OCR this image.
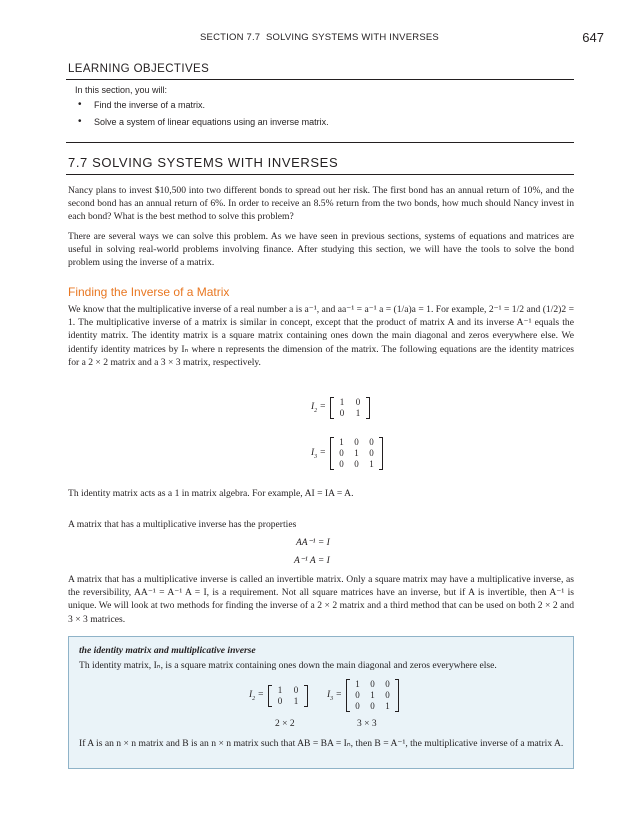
SECTION 7.7 SOLVING SYSTEMS WITH INVERSES	647
LEARNING OBJECTIVES
In this section, you will:
• Find the inverse of a matrix.
• Solve a system of linear equations using an inverse matrix.
7.7 SOLVING SYSTEMS WITH INVERSES
Nancy plans to invest $10,500 into two different bonds to spread out her risk. The first bond has an annual return of 10%, and the second bond has an annual return of 6%. In order to receive an 8.5% return from the two bonds, how much should Nancy invest in each bond? What is the best method to solve this problem?
There are several ways we can solve this problem. As we have seen in previous sections, systems of equations and matrices are useful in solving real-world problems involving finance. After studying this section, we will have the tools to solve the bond problem using the inverse of a matrix.
Finding the Inverse of a Matrix
We know that the multiplicative inverse of a real number a is a⁻¹, and aa⁻¹ = a⁻¹ a = (1/a)a = 1. For example, 2⁻¹ = 1/2 and (1/2)2 = 1. The multiplicative inverse of a matrix is similar in concept, except that the product of matrix A and its inverse A⁻¹ equals the identity matrix. The identity matrix is a square matrix containing ones down the main diagonal and zeros everywhere else. We identify identity matrices by Iₙ where n represents the dimension of the matrix. The following equations are the identity matrices for a 2 × 2 matrix and a 3 × 3 matrix, respectively.
$I_2$ =
1	0
0	1
$I_3$ =
1	0	0
0	1	0
0	0	1
Th identity matrix acts as a 1 in matrix algebra. For example, AI = IA = A.
A matrix that has a multiplicative inverse has the properties
AA⁻¹ = I
A⁻¹ A = I
A matrix that has a multiplicative inverse is called an invertible matrix. Only a square matrix may have a multiplicative inverse, as the reversibility, AA⁻¹ = A⁻¹ A = I, is a requirement. Not all square matrices have an inverse, but if A is invertible, then A⁻¹ is unique. We will look at two methods for finding the inverse of a 2 × 2 matrix and a third method that can be used on both 2 × 2 and 3 × 3 matrices.
the identity matrix and multiplicative inverse
Th identity matrix, Iₙ, is a square matrix containing ones down the main diagonal and zeros everywhere else.
$I_2$ =
1	0
0	1
$I_3$ =
1	0	0
0	1	0
0	0	1
2 × 2	3 × 3
If A is an n × n matrix and B is an n × n matrix such that AB = BA = Iₙ, then B = A⁻¹, the multiplicative inverse of a matrix A.
